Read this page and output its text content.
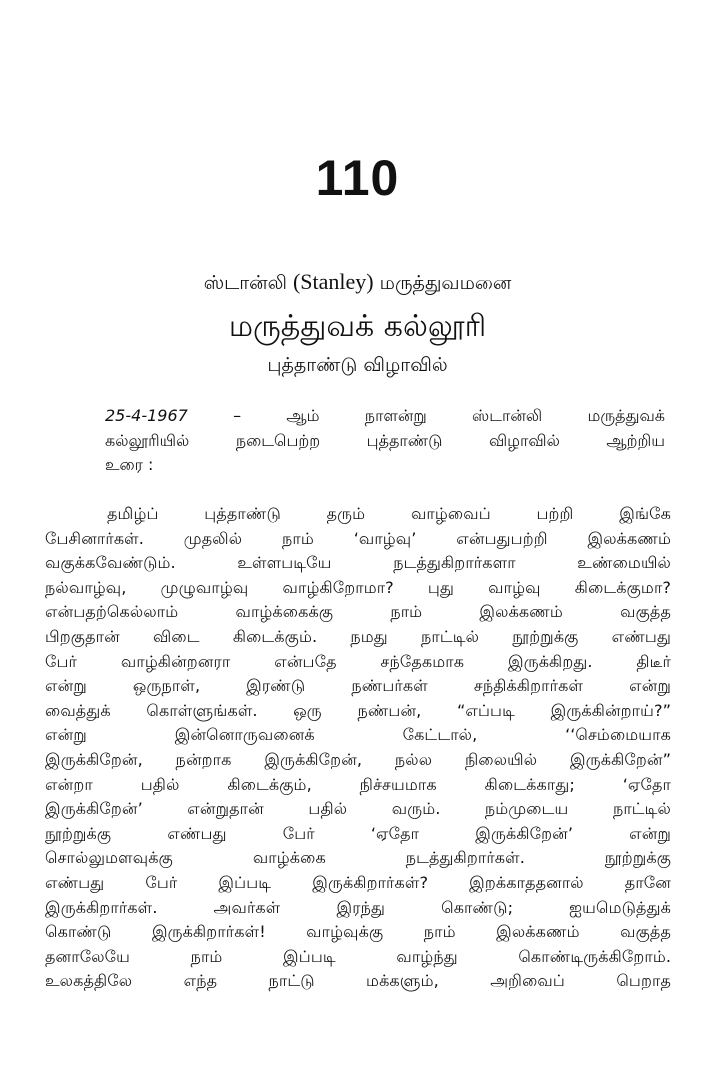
110
ஸ்டான்லி (Stanley) மருத்துவமனை
மருத்துவக் கல்லூரி
புத்தாண்டு விழாவில்
25-4-1967 – ஆம் நாளன்று ஸ்டான்லி மருத்துவக்
கல்லூரியில் நடைபெற்ற புத்தாண்டு விழாவில் ஆற்றிய
உரை :
தமிழ்ப் புத்தாண்டு தரும் வாழ்வைப் பற்றி இங்கே
பேசினார்கள். முதலில் நாம் ‘வாழ்வு’ என்பதுபற்றி இலக்கணம்
வகுக்கவேண்டும். உள்ளபடியே நடத்துகிறார்களா உண்மையில்
நல்வாழ்வு, முழுவாழ்வு வாழ்கிறோமா? புது வாழ்வு கிடைக்குமா?
என்பதற்கெல்லாம் வாழ்க்கைக்கு நாம் இலக்கணம் வகுத்த
பிறகுதான் விடை கிடைக்கும். நமது நாட்டில் நூற்றுக்கு எண்பது
பேர் வாழ்கின்றனரா என்பதே சந்தேகமாக இருக்கிறது. திடீர்
என்று ஒருநாள், இரண்டு நண்பர்கள் சந்திக்கிறார்கள் என்று
வைத்துக் கொள்ளுங்கள். ஒரு நண்பன், “எப்படி இருக்கின்றாய்?”
என்று இன்னொருவனைக் கேட்டால், ‘‘செம்மையாக
இருக்கிறேன், நன்றாக இருக்கிறேன், நல்ல நிலையில் இருக்கிறேன்”
என்றா பதில் கிடைக்கும், நிச்சயமாக கிடைக்காது; ‘ஏதோ
இருக்கிறேன்’ என்றுதான் பதில் வரும். நம்முடைய நாட்டில்
நூற்றுக்கு எண்பது பேர் ‘ஏதோ இருக்கிறேன்’ என்று
சொல்லுமளவுக்கு வாழ்க்கை நடத்துகிறார்கள். நூற்றுக்கு
எண்பது பேர் இப்படி இருக்கிறார்கள்? இறக்காததனால் தானே
இருக்கிறார்கள். அவர்கள் இரந்து கொண்டு; ஐயமெடுத்துக்
கொண்டு இருக்கிறார்கள்! வாழ்வுக்கு நாம் இலக்கணம் வகுத்த
தனாலேயே நாம் இப்படி வாழ்ந்து கொண்டிருக்கிறோம்.
உலகத்திலே எந்த நாட்டு மக்களும், அறிவைப் பெறாத
